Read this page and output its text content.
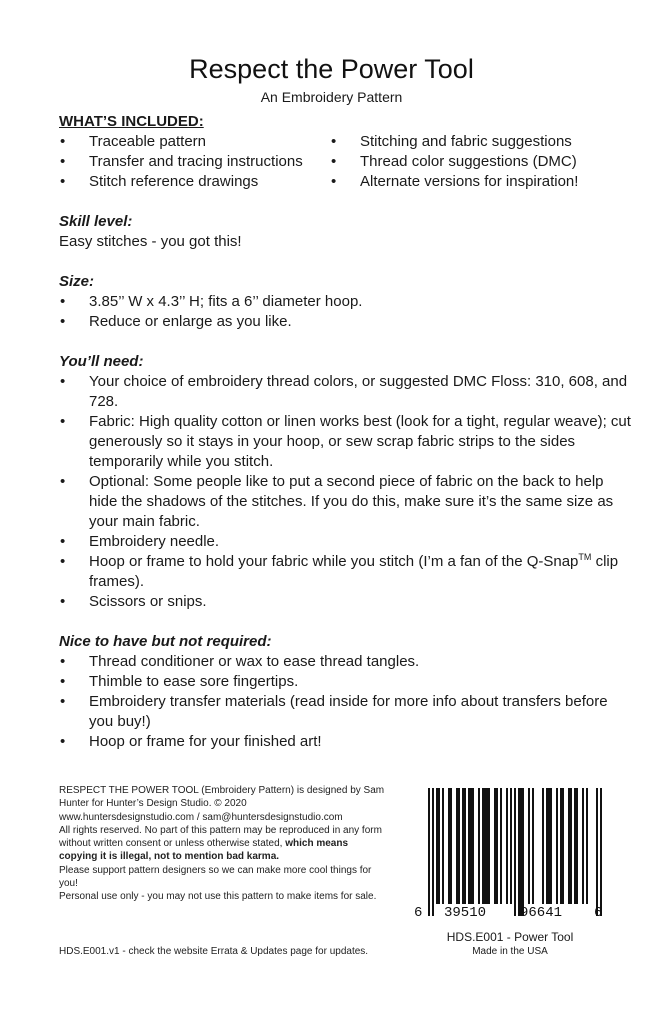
Respect the Power Tool
An Embroidery Pattern

WHAT’S INCLUDED:

• Traceable pattern
• Transfer and tracing instructions
• Stitch reference drawings
• Stitching and fabric suggestions
• Thread color suggestions (DMC)
• Alternate versions for inspiration!

Skill level:

Easy stitches - you got this!

Size:

• 3.85’’ W x 4.3’’ H; fits a 6’’ diameter hoop.
• Reduce or enlarge as you like.

You’ll need:

• Your choice of embroidery thread colors, or suggested DMC Floss: 310, 608, and 728.
• Fabric: High quality cotton or linen works best (look for a tight, regular weave); cut generously so it stays in your hoop, or sew scrap fabric strips to the sides temporarily while you stitch.
• Optional: Some people like to put a second piece of fabric on the back to help hide the shadows of the stitches. If you do this, make sure it’s the same size as your main fabric.
• Embroidery needle.
• Hoop or frame to hold your fabric while you stitch (I’m a fan of the Q-Snap™ clip frames).
• Scissors or snips.

Nice to have but not required:

• Thread conditioner or wax to ease thread tangles.
• Thimble to ease sore fingertips.
• Embroidery transfer materials (read inside for more info about transfers before you buy!)
• Hoop or frame for your finished art!

RESPECT THE POWER TOOL (Embroidery Pattern) is designed by Sam Hunter for Hunter’s Design Studio. © 2020

www.huntersdesignstudio.com / sam@huntersdesignstudio.com

All rights reserved. No part of this pattern may be reproduced in any form without written consent or unless otherwise stated, which means copying it is illegal, not to mention bad karma.

Please support pattern designers so we can make more cool things for you!

Personal use only - you may not use this pattern to make items for sale.

HDS.E001.v1 - check the website Errata & Updates page for updates.
6 39510 96641 6
HDS.E001 - Power Tool
Made in the USA
